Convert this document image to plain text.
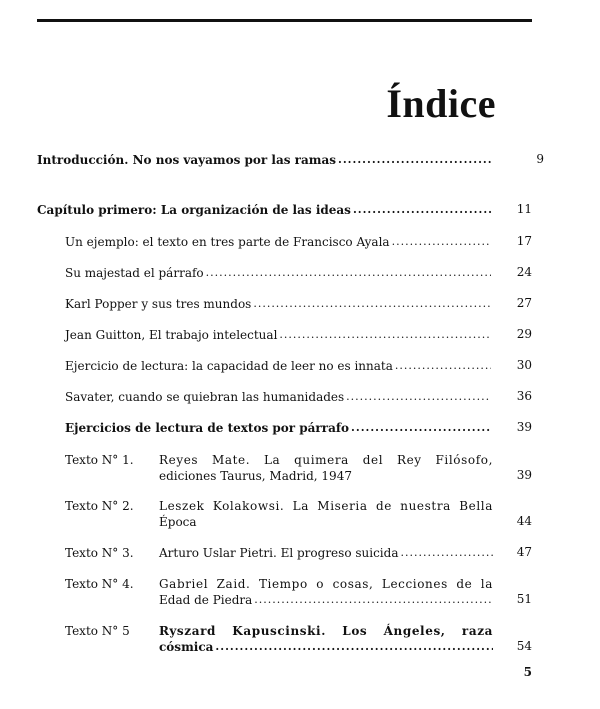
Índice
Introducción. No nos vayamos por las ramas .....	9
Capítulo primero: La organización de las ideas .....	11
Un ejemplo: el texto en tres parte de Francisco Ayala .....	17
Su majestad el párrafo .....	24
Karl Popper y sus tres mundos .....	27
Jean Guitton, El trabajo intelectual .....	29
Ejercicio de lectura: la capacidad de leer no es innata .....	30
Savater, cuando se quiebran las humanidades .....	36
Ejercicios de lectura de textos por párrafo .....	39
Texto N° 1. Reyes Mate. La quimera del Rey Filósofo,
ediciones Taurus, Madrid, 1947	39
Texto N° 2. Leszek Kolakowsi. La Miseria de nuestra Bella
Época	44
Texto N° 3. Arturo Uslar Pietri. El progreso suicida .....	47
Texto N° 4. Gabriel Zaid. Tiempo o cosas, Lecciones de la
Edad de Piedra .....	51
Texto N° 5 Ryszard Kapuscinski. Los Ángeles, raza
cósmica .....	54
5
